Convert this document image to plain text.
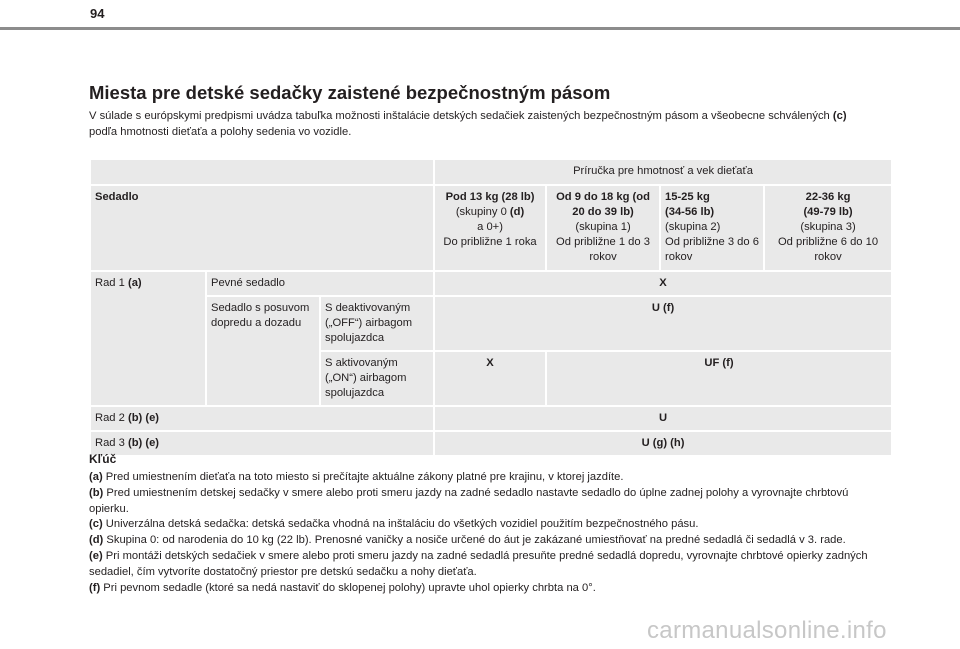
94
Miesta pre detské sedačky zaistené bezpečnostným pásom

V súlade s európskymi predpismi uvádza tabuľka možnosti inštalácie detských sedačiek zaistených bezpečnostným pásom a všeobecne schválených (c)
podľa hmotnosti dieťaťa a polohy sedenia vo vozidle.

			Príručka pre hmotnosť a vek dieťaťa			
Sedadlo			Pod 13 kg (28 lb)
(skupiny 0 (d)
a 0+)
Do približne 1 roka	Od 9 do 18 kg (od 20 do 39 lb)
(skupina 1)
Od približne 1 do 3 rokov	15-25 kg
(34-56 lb)
(skupina 2)
Od približne 3 do 6 rokov	22-36 kg
(49-79 lb)
(skupina 3)
Od približne 6 do 10 rokov
Rad 1 (a)	Pevné sedadlo		X			
	Sedadlo s posuvom dopredu a dozadu	S deaktivovaným („OFF“) airbagom spolujazdca	U (f)			
		S aktivovaným („ON“) airbagom spolujazdca	X	UF (f)		
Rad 2 (b) (e)			U			
Rad 3 (b) (e)			U (g) (h)			
Kľúč
(a) Pred umiestnením dieťaťa na toto miesto si prečítajte aktuálne zákony platné pre krajinu, v ktorej jazdíte.
(b) Pred umiestnením detskej sedačky v smere alebo proti smeru jazdy na zadné sedadlo nastavte sedadlo do úplne zadnej polohy a vyrovnajte chrbtovú opierku.
(c) Univerzálna detská sedačka: detská sedačka vhodná na inštaláciu do všetkých vozidiel použitím bezpečnostného pásu.
(d) Skupina 0: od narodenia do 10 kg (22 lb). Prenosné vaničky a nosiče určené do áut je zakázané umiestňovať na predné sedadlá či sedadlá v 3. rade.
(e) Pri montáži detských sedačiek v smere alebo proti smeru jazdy na zadné sedadlá presuňte predné sedadlá dopredu, vyrovnajte chrbtové opierky zadných sedadiel, čím vytvoríte dostatočný priestor pre detskú sedačku a nohy dieťaťa.
(f) Pri pevnom sedadle (ktoré sa nedá nastaviť do sklopenej polohy) upravte uhol opierky chrbta na 0°.
carmanualsonline.info
